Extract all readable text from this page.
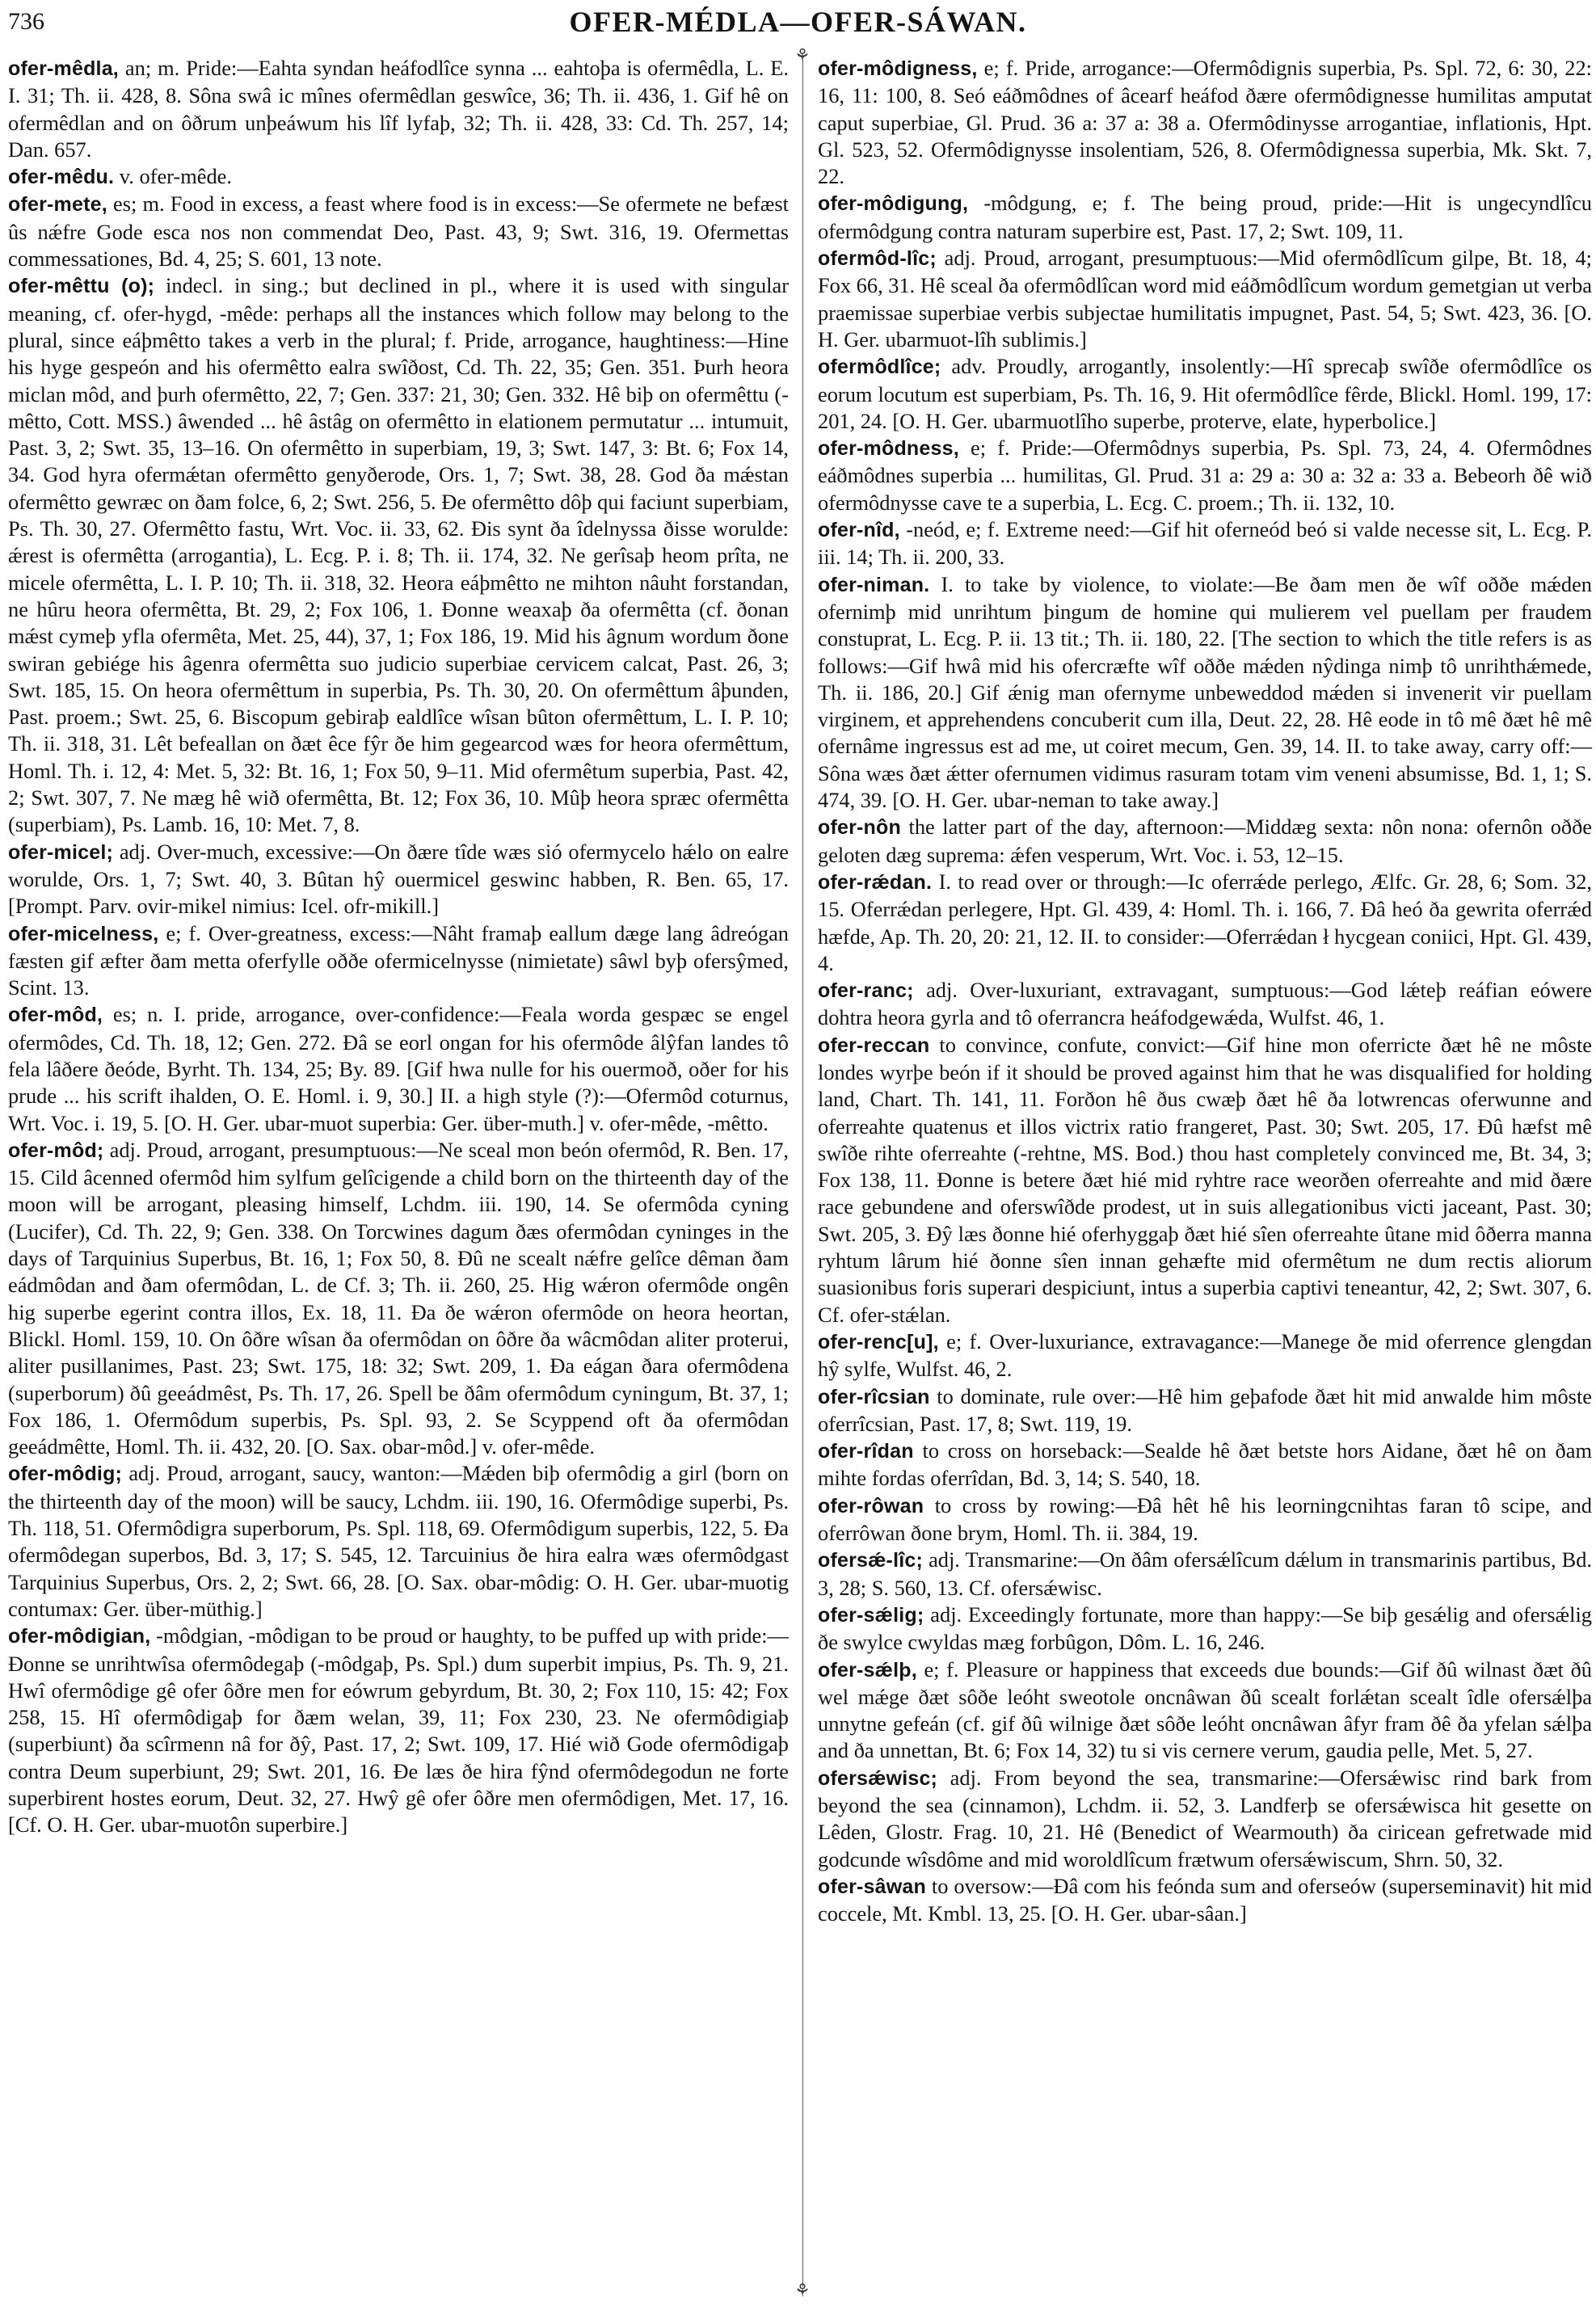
736	OFER-MÉDLA—OFER-SÁWAN.
⚘
⚘

ofer-mêdla, an; m. Pride:—Eahta syndan heáfodlîce synna ... eahtoþa is ofermêdla, L. E. I. 31; Th. ii. 428, 8. Sôna swâ ic mînes ofermêdlan geswîce, 36; Th. ii. 436, 1. Gif hê on ofermêdlan and on ôðrum unþeáwum his lîf lyfaþ, 32; Th. ii. 428, 33: Cd. Th. 257, 14; Dan. 657.

ofer-mêdu. v. ofer-mêde.

ofer-mete, es; m. Food in excess, a feast where food is in excess:—Se ofermete ne befæst ûs nǽfre Gode esca nos non commendat Deo, Past. 43, 9; Swt. 316, 19. Ofermettas commessationes, Bd. 4, 25; S. 601, 13 note.

ofer-mêttu (o); indecl. in sing.; but declined in pl., where it is used with singular meaning, cf. ofer-hygd, -mêde: perhaps all the instances which follow may belong to the plural, since eáþmêtto takes a verb in the plural; f. Pride, arrogance, haughtiness:—Hine his hyge gespeón and his ofermêtto ealra swîðost, Cd. Th. 22, 35; Gen. 351. Þurh heora miclan môd, and þurh ofermêtto, 22, 7; Gen. 337: 21, 30; Gen. 332. Hê biþ on ofermêttu (-mêtto, Cott. MSS.) âwended ... hê âstâg on ofermêtto in elationem permutatur ... intumuit, Past. 3, 2; Swt. 35, 13–16. On ofermêtto in superbiam, 19, 3; Swt. 147, 3: Bt. 6; Fox 14, 34. God hyra ofermǽtan ofermêtto genyðerode, Ors. 1, 7; Swt. 38, 28. God ða mǽstan ofermêtto gewræc on ðam folce, 6, 2; Swt. 256, 5. Ðe ofermêtto dôþ qui faciunt superbiam, Ps. Th. 30, 27. Ofermêtto fastu, Wrt. Voc. ii. 33, 62. Ðis synt ða îdelnyssa ðisse worulde: ǽrest is ofermêtta (arrogantia), L. Ecg. P. i. 8; Th. ii. 174, 32. Ne gerîsaþ heom prîta, ne micele ofermêtta, L. I. P. 10; Th. ii. 318, 32. Heora eáþmêtto ne mihton nâuht forstandan, ne hûru heora ofermêtta, Bt. 29, 2; Fox 106, 1. Ðonne weaxaþ ða ofermêtta (cf. ðonan mǽst cymeþ yfla ofermêta, Met. 25, 44), 37, 1; Fox 186, 19. Mid his âgnum wordum ðone swiran gebiége his âgenra ofermêtta suo judicio superbiae cervicem calcat, Past. 26, 3; Swt. 185, 15. On heora ofermêttum in superbia, Ps. Th. 30, 20. On ofermêttum âþunden, Past. proem.; Swt. 25, 6. Biscopum gebiraþ ealdlîce wîsan bûton ofermêttum, L. I. P. 10; Th. ii. 318, 31. Lêt befeallan on ðæt êce fŷr ðe him gegearcod wæs for heora ofermêttum, Homl. Th. i. 12, 4: Met. 5, 32: Bt. 16, 1; Fox 50, 9–11. Mid ofermêtum superbia, Past. 42, 2; Swt. 307, 7. Ne mæg hê wið ofermêtta, Bt. 12; Fox 36, 10. Mûþ heora spræc ofermêtta (superbiam), Ps. Lamb. 16, 10: Met. 7, 8.

ofer-micel; adj. Over-much, excessive:—On ðære tîde wæs sió ofermycelo hǽlo on ealre worulde, Ors. 1, 7; Swt. 40, 3. Bûtan hŷ ouermicel geswinc habben, R. Ben. 65, 17. [Prompt. Parv. ovir-mikel nimius: Icel. ofr-mikill.]

ofer-micelness, e; f. Over-greatness, excess:—Nâht framaþ eallum dæge lang âdreógan fæsten gif æfter ðam metta oferfylle oððe ofermicelnysse (nimietate) sâwl byþ ofersŷmed, Scint. 13.

ofer-môd, es; n. I. pride, arrogance, over-confidence:—Feala worda gespæc se engel ofermôdes, Cd. Th. 18, 12; Gen. 272. Ðâ se eorl ongan for his ofermôde âlŷfan landes tô fela lâðere ðeóde, Byrht. Th. 134, 25; By. 89. [Gif hwa nulle for his ouermoð, oðer for his prude ... his scrift ihalden, O. E. Homl. i. 9, 30.] II. a high style (?):—Ofermôd coturnus, Wrt. Voc. i. 19, 5. [O. H. Ger. ubar-muot superbia: Ger. über-muth.] v. ofer-mêde, -mêtto.

ofer-môd; adj. Proud, arrogant, presumptuous:—Ne sceal mon beón ofermôd, R. Ben. 17, 15. Cild âcenned ofermôd him sylfum gelîcigende a child born on the thirteenth day of the moon will be arrogant, pleasing himself, Lchdm. iii. 190, 14. Se ofermôda cyning (Lucifer), Cd. Th. 22, 9; Gen. 338. On Torcwines dagum ðæs ofermôdan cyninges in the days of Tarquinius Superbus, Bt. 16, 1; Fox 50, 8. Ðû ne scealt nǽfre gelîce dêman ðam eádmôdan and ðam ofermôdan, L. de Cf. 3; Th. ii. 260, 25. Hig wǽron ofermôde ongên hig superbe egerint contra illos, Ex. 18, 11. Ða ðe wǽron ofermôde on heora heortan, Blickl. Homl. 159, 10. On ôðre wîsan ða ofermôdan on ôðre ða wâcmôdan aliter proterui, aliter pusillanimes, Past. 23; Swt. 175, 18: 32; Swt. 209, 1. Ða eágan ðara ofermôdena (superborum) ðû geeádmêst, Ps. Th. 17, 26. Spell be ðâm ofermôdum cyningum, Bt. 37, 1; Fox 186, 1. Ofermôdum superbis, Ps. Spl. 93, 2. Se Scyppend oft ða ofermôdan geeádmêtte, Homl. Th. ii. 432, 20. [O. Sax. obar-môd.] v. ofer-mêde.

ofer-môdig; adj. Proud, arrogant, saucy, wanton:—Mǽden biþ ofermôdig a girl (born on the thirteenth day of the moon) will be saucy, Lchdm. iii. 190, 16. Ofermôdige superbi, Ps. Th. 118, 51. Ofermôdigra superborum, Ps. Spl. 118, 69. Ofermôdigum superbis, 122, 5. Ða ofermôdegan superbos, Bd. 3, 17; S. 545, 12. Tarcuinius ðe hira ealra wæs ofermôdgast Tarquinius Superbus, Ors. 2, 2; Swt. 66, 28. [O. Sax. obar-môdig: O. H. Ger. ubar-muotig contumax: Ger. über-müthig.]

ofer-môdigian, -môdgian, -môdigan to be proud or haughty, to be puffed up with pride:—Ðonne se unrihtwîsa ofermôdegaþ (-môdgaþ, Ps. Spl.) dum superbit impius, Ps. Th. 9, 21. Hwî ofermôdige gê ofer ôðre men for eówrum gebyrdum, Bt. 30, 2; Fox 110, 15: 42; Fox 258, 15. Hî ofermôdigaþ for ðæm welan, 39, 11; Fox 230, 23. Ne ofermôdigiaþ (superbiunt) ða scîrmenn nâ for ðŷ, Past. 17, 2; Swt. 109, 17. Hié wið Gode ofermôdigaþ contra Deum superbiunt, 29; Swt. 201, 16. Ðe læs ðe hira fŷnd ofermôdegodun ne forte superbirent hostes eorum, Deut. 32, 27. Hwŷ gê ofer ôðre men ofermôdigen, Met. 17, 16. [Cf. O. H. Ger. ubar-muotôn superbire.]

ofer-môdigness, e; f. Pride, arrogance:—Ofermôdignis superbia, Ps. Spl. 72, 6: 30, 22: 16, 11: 100, 8. Seó eáðmôdnes of âcearf heáfod ðære ofermôdignesse humilitas amputat caput superbiae, Gl. Prud. 36 a: 37 a: 38 a. Ofermôdinysse arrogantiae, inflationis, Hpt. Gl. 523, 52. Ofermôdignysse insolentiam, 526, 8. Ofermôdignessa superbia, Mk. Skt. 7, 22.

ofer-môdigung, -môdgung, e; f. The being proud, pride:—Hit is ungecyndlîcu ofermôdgung contra naturam superbire est, Past. 17, 2; Swt. 109, 11.

ofermôd-lîc; adj. Proud, arrogant, presumptuous:—Mid ofermôdlîcum gilpe, Bt. 18, 4; Fox 66, 31. Hê sceal ða ofermôdlîcan word mid eáðmôdlîcum wordum gemetgian ut verba praemissae superbiae verbis subjectae humilitatis impugnet, Past. 54, 5; Swt. 423, 36. [O. H. Ger. ubarmuot-lîh sublimis.]

ofermôdlîce; adv. Proudly, arrogantly, insolently:—Hî sprecaþ swîðe ofermôdlîce os eorum locutum est superbiam, Ps. Th. 16, 9. Hit ofermôdlîce fêrde, Blickl. Homl. 199, 17: 201, 24. [O. H. Ger. ubarmuotlîho superbe, proterve, elate, hyperbolice.]

ofer-môdness, e; f. Pride:—Ofermôdnys superbia, Ps. Spl. 73, 24, 4. Ofermôdnes eáðmôdnes superbia ... humilitas, Gl. Prud. 31 a: 29 a: 30 a: 32 a: 33 a. Bebeorh ðê wið ofermôdnysse cave te a superbia, L. Ecg. C. proem.; Th. ii. 132, 10.

ofer-nîd, -neód, e; f. Extreme need:—Gif hit oferneód beó si valde necesse sit, L. Ecg. P. iii. 14; Th. ii. 200, 33.

ofer-niman. I. to take by violence, to violate:—Be ðam men ðe wîf oððe mǽden ofernimþ mid unrihtum þingum de homine qui mulierem vel puellam per fraudem constuprat, L. Ecg. P. ii. 13 tit.; Th. ii. 180, 22. [The section to which the title refers is as follows:—Gif hwâ mid his ofercræfte wîf oððe mǽden nŷdinga nimþ tô unrihthǽmede, Th. ii. 186, 20.] Gif ǽnig man ofernyme unbeweddod mǽden si invenerit vir puellam virginem, et apprehendens concuberit cum illa, Deut. 22, 28. Hê eode in tô mê ðæt hê mê ofernâme ingressus est ad me, ut coiret mecum, Gen. 39, 14. II. to take away, carry off:—Sôna wæs ðæt ǽtter ofernumen vidimus rasuram totam vim veneni absumisse, Bd. 1, 1; S. 474, 39. [O. H. Ger. ubar-neman to take away.]

ofer-nôn the latter part of the day, afternoon:—Middæg sexta: nôn nona: ofernôn oððe geloten dæg suprema: ǽfen vesperum, Wrt. Voc. i. 53, 12–15.

ofer-rǽdan. I. to read over or through:—Ic oferrǽde perlego, Ælfc. Gr. 28, 6; Som. 32, 15. Oferrǽdan perlegere, Hpt. Gl. 439, 4: Homl. Th. i. 166, 7. Ðâ heó ða gewrita oferrǽd hæfde, Ap. Th. 20, 20: 21, 12. II. to consider:—Oferrǽdan ł hycgean coniici, Hpt. Gl. 439, 4.

ofer-ranc; adj. Over-luxuriant, extravagant, sumptuous:—God lǽteþ reáfian eówere dohtra heora gyrla and tô oferrancra heáfodgewǽda, Wulfst. 46, 1.

ofer-reccan to convince, confute, convict:—Gif hine mon oferricte ðæt hê ne môste londes wyrþe beón if it should be proved against him that he was disqualified for holding land, Chart. Th. 141, 11. Forðon hê ðus cwæþ ðæt hê ða lotwrencas oferwunne and oferreahte quatenus et illos victrix ratio frangeret, Past. 30; Swt. 205, 17. Ðû hæfst mê swîðe rihte oferreahte (-rehtne, MS. Bod.) thou hast completely convinced me, Bt. 34, 3; Fox 138, 11. Ðonne is betere ðæt hié mid ryhtre race weorðen oferreahte and mid ðære race gebundene and oferswîðde prodest, ut in suis allegationibus victi jaceant, Past. 30; Swt. 205, 3. Ðŷ læs ðonne hié oferhyggaþ ðæt hié sîen oferreahte ûtane mid ôðerra manna ryhtum lârum hié ðonne sîen innan gehæfte mid ofermêtum ne dum rectis aliorum suasionibus foris superari despiciunt, intus a superbia captivi teneantur, 42, 2; Swt. 307, 6. Cf. ofer-stǽlan.

ofer-renc[u], e; f. Over-luxuriance, extravagance:—Manege ðe mid oferrence glengdan hŷ sylfe, Wulfst. 46, 2.

ofer-rîcsian to dominate, rule over:—Hê him geþafode ðæt hit mid anwalde him môste oferrîcsian, Past. 17, 8; Swt. 119, 19.

ofer-rîdan to cross on horseback:—Sealde hê ðæt betste hors Aidane, ðæt hê on ðam mihte fordas oferrîdan, Bd. 3, 14; S. 540, 18.

ofer-rôwan to cross by rowing:—Ðâ hêt hê his leorningcnihtas faran tô scipe, and oferrôwan ðone brym, Homl. Th. ii. 384, 19.

ofersǽ-lîc; adj. Transmarine:—On ðâm ofersǽlîcum dǽlum in transmarinis partibus, Bd. 3, 28; S. 560, 13. Cf. ofersǽwisc.

ofer-sǽlig; adj. Exceedingly fortunate, more than happy:—Se biþ gesǽlig and ofersǽlig ðe swylce cwyldas mæg forbûgon, Dôm. L. 16, 246.

ofer-sǽlþ, e; f. Pleasure or happiness that exceeds due bounds:—Gif ðû wilnast ðæt ðû wel mǽge ðæt sôðe leóht sweotole oncnâwan ðû scealt forlǽtan scealt îdle ofersǽlþa unnytne gefeán (cf. gif ðû wilnige ðæt sôðe leóht oncnâwan âfyr fram ðê ða yfelan sǽlþa and ða unnettan, Bt. 6; Fox 14, 32) tu si vis cernere verum, gaudia pelle, Met. 5, 27.

ofersǽwisc; adj. From beyond the sea, transmarine:—Ofersǽwisc rind bark from beyond the sea (cinnamon), Lchdm. ii. 52, 3. Landferþ se ofersǽwisca hit gesette on Lêden, Glostr. Frag. 10, 21. Hê (Benedict of Wearmouth) ða ciricean gefretwade mid godcunde wîsdôme and mid woroldlîcum frætwum ofersǽwiscum, Shrn. 50, 32.

ofer-sâwan to oversow:—Ðâ com his feónda sum and oferseów (superseminavit) hit mid coccele, Mt. Kmbl. 13, 25. [O. H. Ger. ubar-sâan.]
